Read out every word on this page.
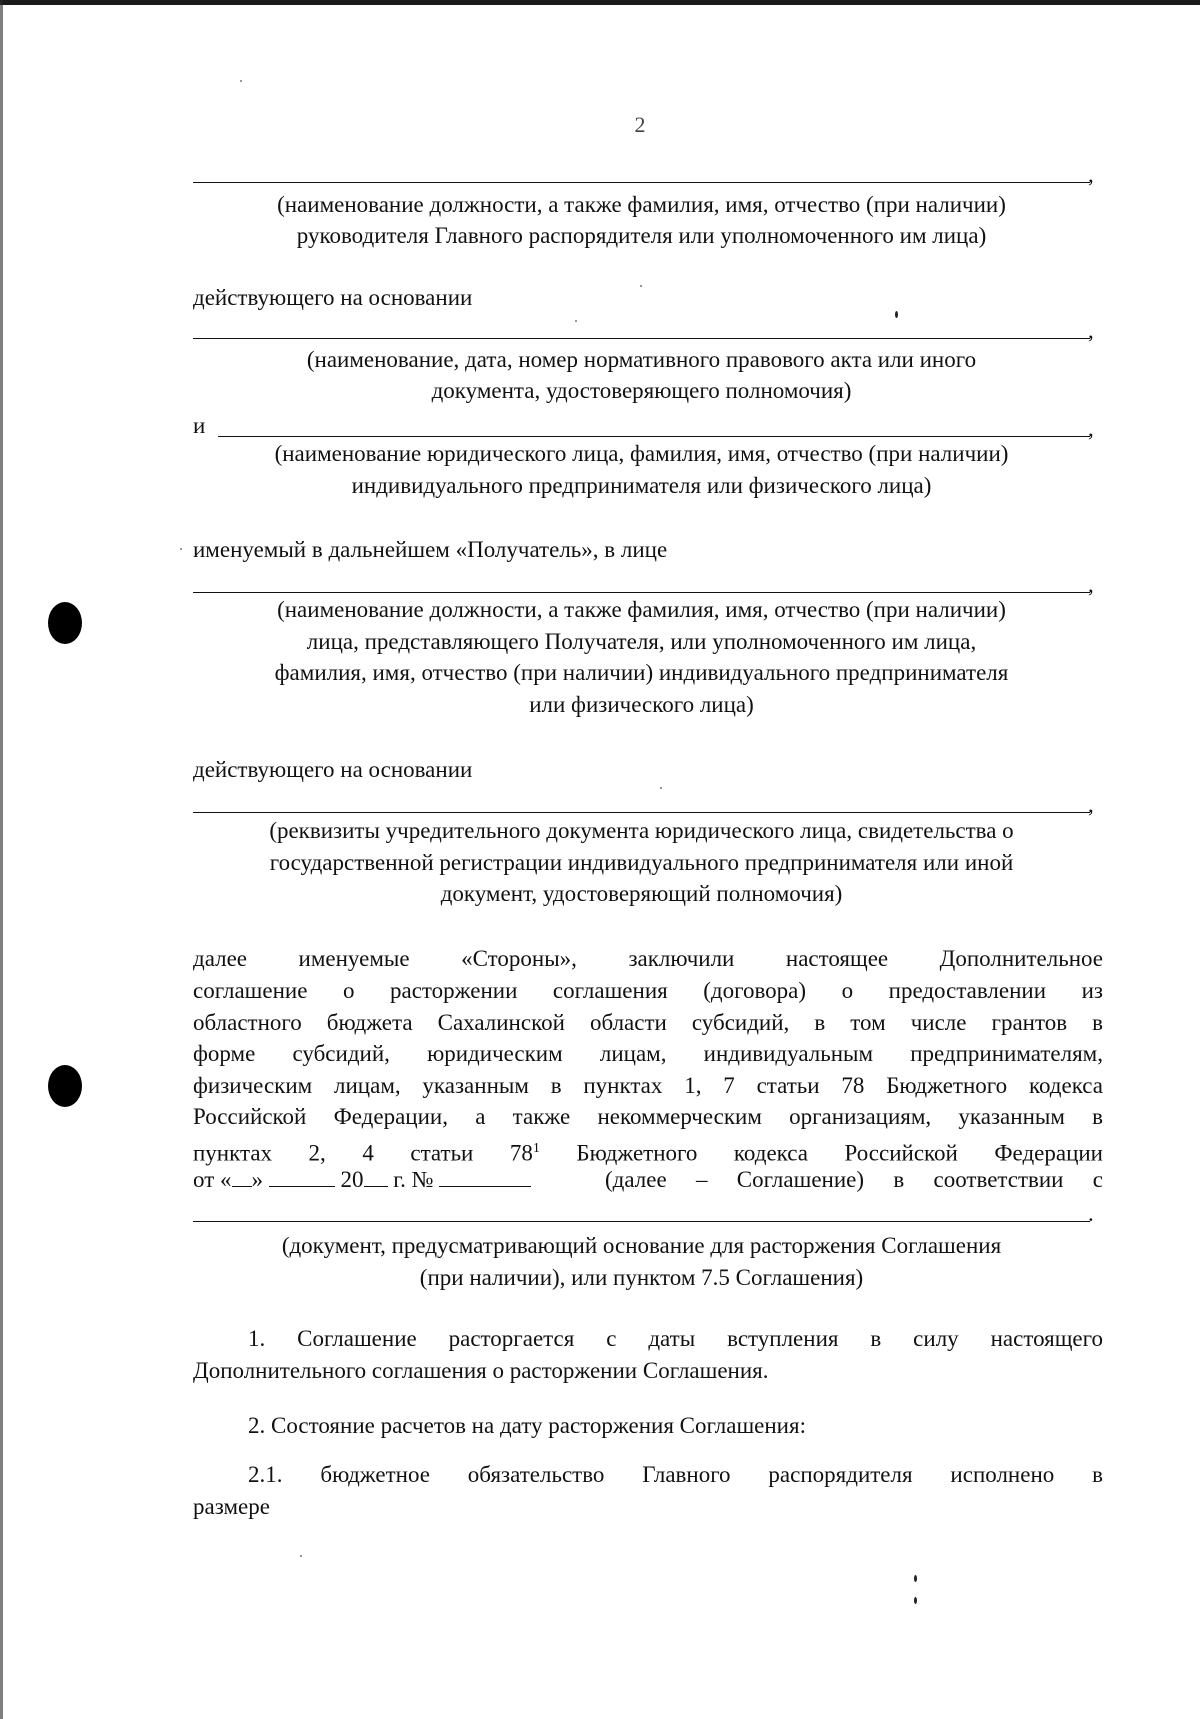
2
,
(наименование должности, а также фамилия, имя, отчество (при наличии)
руководителя Главного распорядителя или уполномоченного им лица)
действующего на основании
,
(наименование, дата, номер нормативного правового акта или иного
документа, удостоверяющего полномочия)
и	,
(наименование юридического лица, фамилия, имя, отчество (при наличии)
индивидуального предпринимателя или физического лица)
именуемый в дальнейшем «Получатель», в лице
,
(наименование должности, а также фамилия, имя, отчество (при наличии)
лица, представляющего Получателя, или уполномоченного им лица,
фамилия, имя, отчество (при наличии) индивидуального предпринимателя
или физического лица)
действующего на основании
,
(реквизиты учредительного документа юридического лица, свидетельства о
государственной регистрации индивидуального предпринимателя или иной
документ, удостоверяющий полномочия)
далее именуемые «Стороны», заключили настоящее Дополнительное
соглашение о расторжении соглашения (договора) о предоставлении из
областного бюджета Сахалинской области субсидий, в том числе грантов в
форме субсидий, юридическим лицам, индивидуальным предпринимателям,
физическим лицам, указанным в пунктах 1, 7 статьи 78 Бюджетного кодекса
Российской Федерации, а также некоммерческим организациям, указанным в
пунктах 2, 4 статьи $78^1$ Бюджетного кодекса Российской Федерации
от « »	20 г. №	(далее – Соглашение) в соответствии с
.
(документ, предусматривающий основание для расторжения Соглашения
(при наличии), или пунктом 7.5 Соглашения)
1. Соглашение расторгается с даты вступления в силу настоящего
Дополнительного соглашения о расторжении Соглашения.
2. Состояние расчетов на дату расторжения Соглашения:
2.1. бюджетное обязательство Главного распорядителя исполнено в
размере
